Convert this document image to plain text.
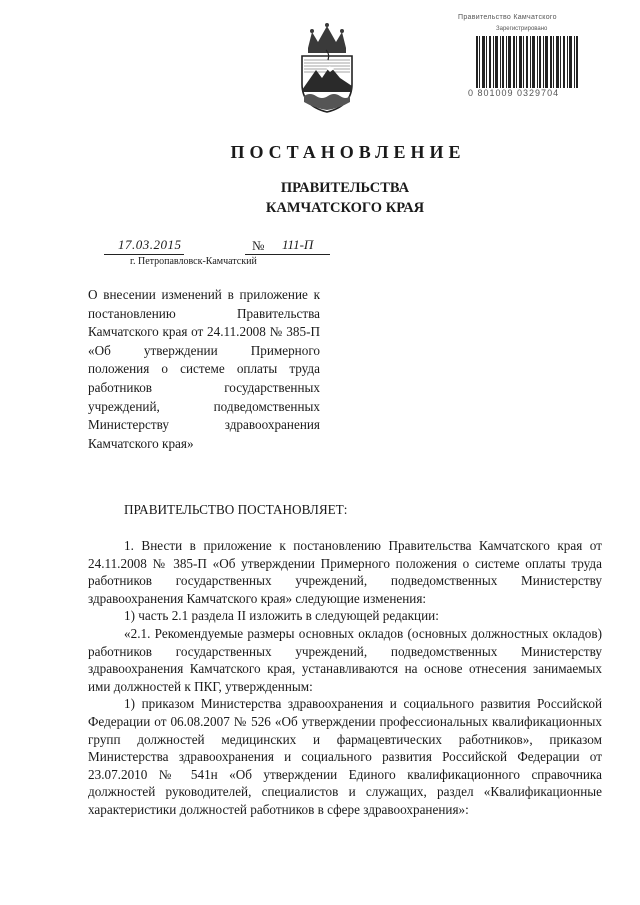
Правительство Камчатского
Зарегистрировано
0 801009 0329704
ПОСТАНОВЛЕНИЕ
ПРАВИТЕЛЬСТВА
КАМЧАТСКОГО КРАЯ
17.03.2015	№ 111-П
г. Петропавловск-Камчатский
О внесении изменений в приложение к постановлению Правительства Камчатского края от 24.11.2008 № 385-П «Об утверждении Примерного положения о системе оплаты труда работников государственных учреждений, подведомственных Министерству здравоохранения Камчатского края»
ПРАВИТЕЛЬСТВО ПОСТАНОВЛЯЕТ:

1. Внести в приложение к постановлению Правительства Камчатского края от 24.11.2008 № 385-П «Об утверждении Примерного положения о системе оплаты труда работников государственных учреждений, подведомственных Министерству здравоохранения Камчатского края» следующие изменения:

1) часть 2.1 раздела II изложить в следующей редакции:

«2.1. Рекомендуемые размеры основных окладов (основных должностных окладов) работников государственных учреждений, подведомственных Министерству здравоохранения Камчатского края, устанавливаются на основе отнесения занимаемых ими должностей к ПКГ, утвержденным:

1) приказом Министерства здравоохранения и социального развития Российской Федерации от 06.08.2007 № 526 «Об утверждении профессиональных квалификационных групп должностей медицинских и фармацевтических работников», приказом Министерства здравоохранения и социального развития Российской Федерации от 23.07.2010 № 541н «Об утверждении Единого квалификационного справочника должностей руководителей, специалистов и служащих, раздел «Квалификационные характеристики должностей работников в сфере здравоохранения»:
